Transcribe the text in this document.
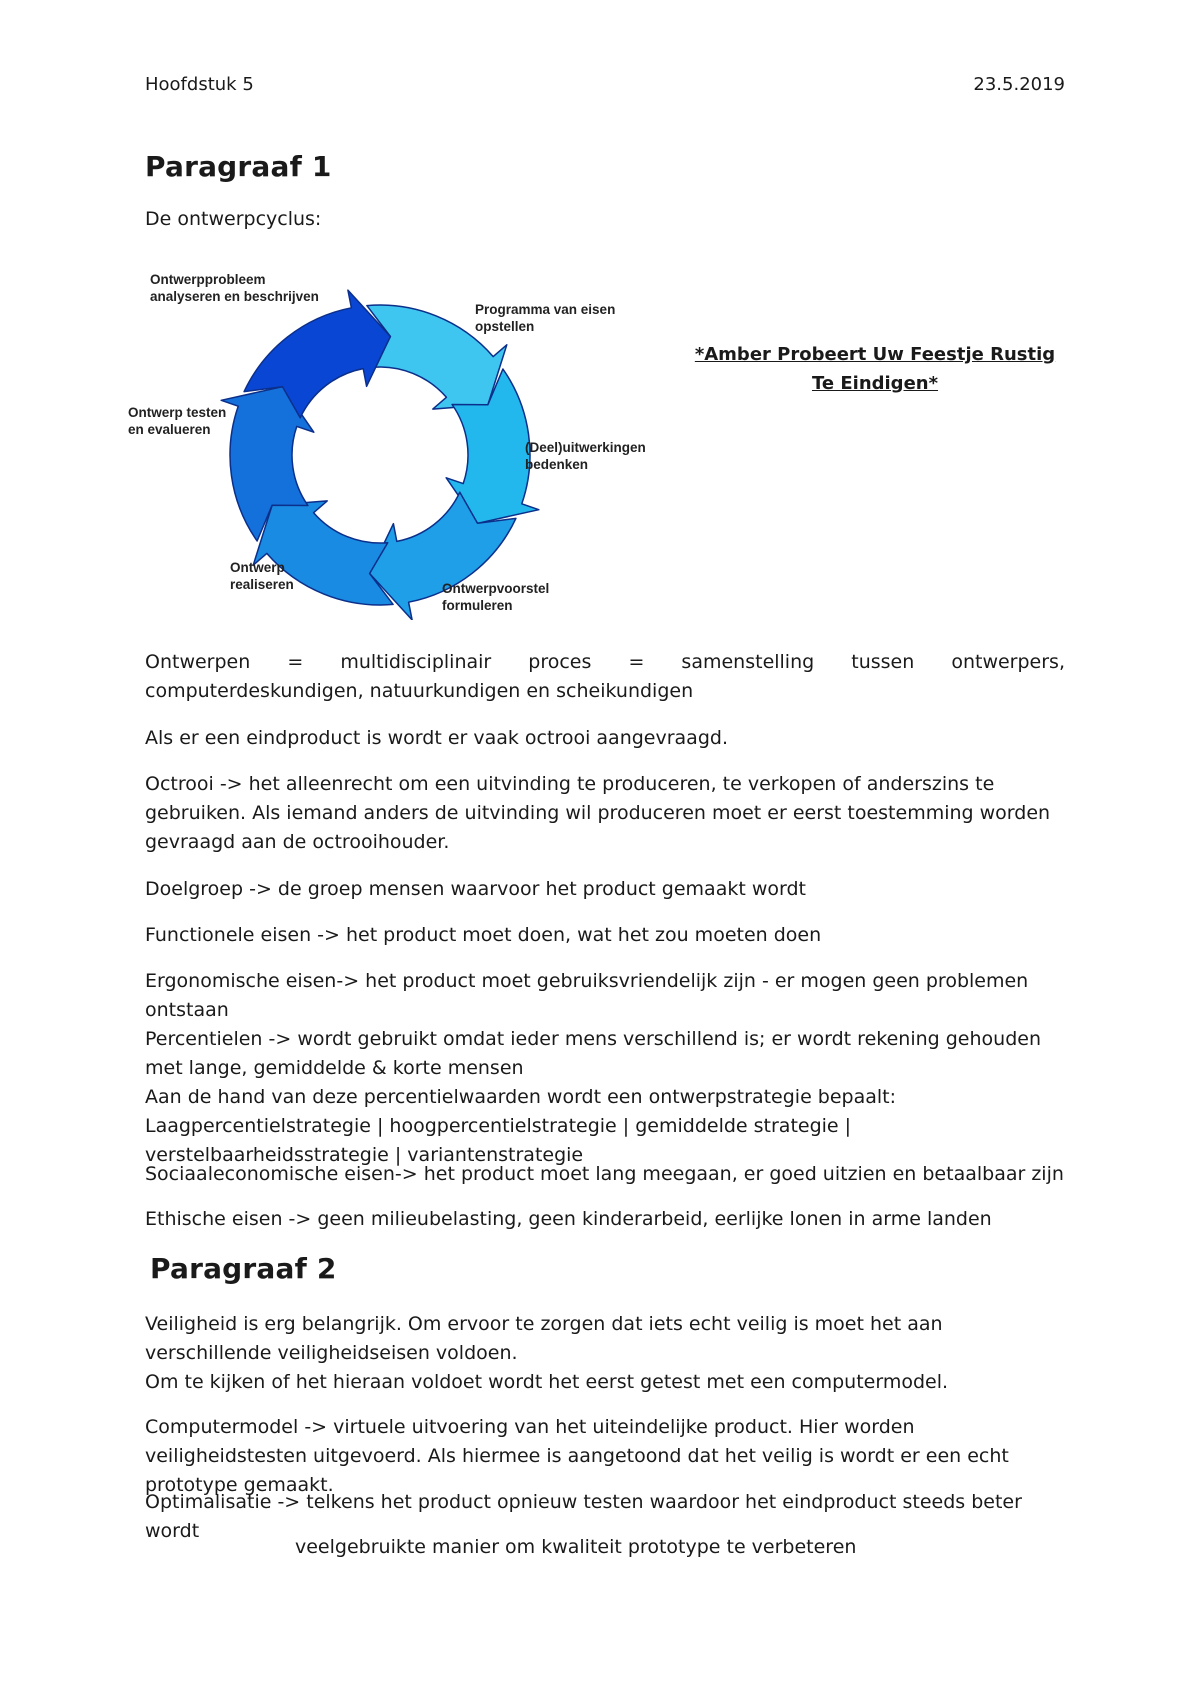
Hoofdstuk 5	23.5.2019
Paragraaf 1
De ontwerpcyclus:
Ontwerpprobleem
analyseren en beschrijven
Programma van eisen
opstellen
(Deel)uitwerkingen
bedenken
Ontwerpvoorstel
formuleren
Ontwerp
realiseren
Ontwerp testen
en evalueren
*Amber Probeert Uw Feestje Rustig Te Eindigen*

Ontwerpen = multidisciplinair proces = samenstelling tussen ontwerpers, computerdeskundigen, natuurkundigen en scheikundigen

Als er een eindproduct is wordt er vaak octrooi aangevraagd.

Octrooi -> het alleenrecht om een uitvinding te produceren, te verkopen of anderszins te gebruiken. Als iemand anders de uitvinding wil produceren moet er eerst toestemming worden gevraagd aan de octrooihouder.

Doelgroep -> de groep mensen waarvoor het product gemaakt wordt

Functionele eisen -> het product moet doen, wat het zou moeten doen

Ergonomische eisen-> het product moet gebruiksvriendelijk zijn - er mogen geen problemen ontstaan
Percentielen -> wordt gebruikt omdat ieder mens verschillend is; er wordt rekening gehouden met lange, gemiddelde & korte mensen
Aan de hand van deze percentielwaarden wordt een ontwerpstrategie bepaalt:
Laagpercentielstrategie | hoogpercentielstrategie | gemiddelde strategie | verstelbaarheidsstrategie | variantenstrategie

Sociaaleconomische eisen-> het product moet lang meegaan, er goed uitzien en betaalbaar zijn

Ethische eisen -> geen milieubelasting, geen kinderarbeid, eerlijke lonen in arme landen

Paragraaf 2
Veiligheid is erg belangrijk. Om ervoor te zorgen dat iets echt veilig is moet het aan verschillende veiligheidseisen voldoen.
Om te kijken of het hieraan voldoet wordt het eerst getest met een computermodel.

Computermodel -> virtuele uitvoering van het uiteindelijke product. Hier worden veiligheidstesten uitgevoerd. Als hiermee is aangetoond dat het veilig is wordt er een echt prototype gemaakt.

Optimalisatie -> telkens het product opnieuw testen waardoor het eindproduct steeds beter wordt

veelgebruikte manier om kwaliteit prototype te verbeteren
